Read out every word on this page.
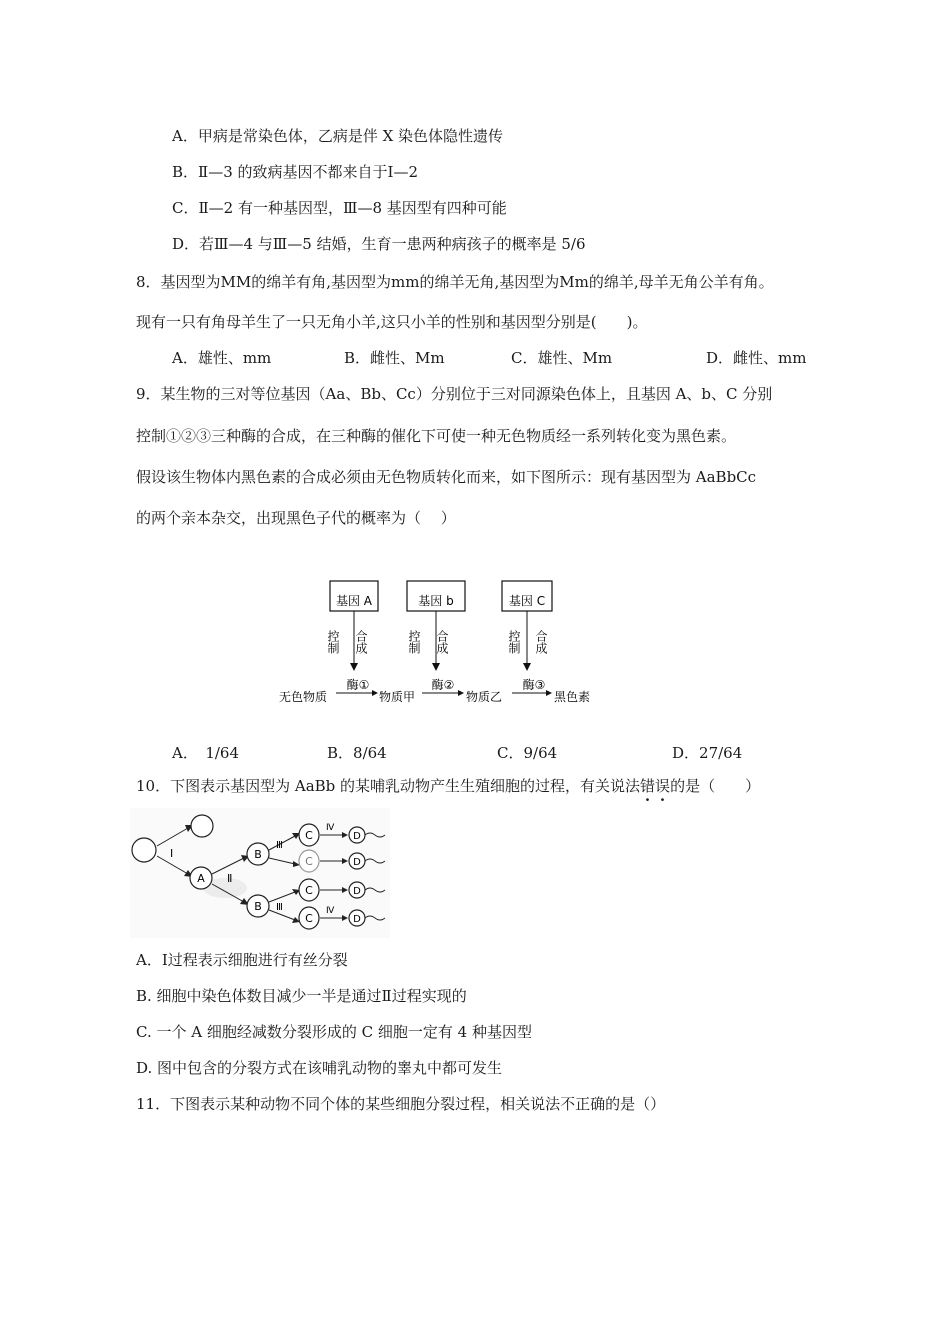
A．甲病是常染色体，乙病是伴 X 染色体隐性遗传
B．Ⅱ—3 的致病基因不都来自于Ⅰ—2
C．Ⅱ—2 有一种基因型，Ⅲ—8 基因型有四种可能
D．若Ⅲ—4 与Ⅲ—5 结婚，生育一患两种病孩子的概率是 5/6
8．基因型为MM的绵羊有角,基因型为mm的绵羊无角,基因型为Mm的绵羊,母羊无角公羊有角。
现有一只有角母羊生了一只无角小羊,这只小羊的性别和基因型分别是(　　)。
A．雄性、mm	B．雌性、Mm	C．雄性、Mm	D．雌性、mm
9．某生物的三对等位基因（Aa、Bb、Cc）分别位于三对同源染色体上，且基因 A、b、C 分别
控制①②③三种酶的合成，在三种酶的催化下可使一种无色物质经一系列转化变为黑色素。
假设该生物体内黑色素的合成必须由无色物质转化而来，如下图所示：现有基因型为 AaBbCc
的两个亲本杂交，出现黑色子代的概率为（　 ）
基因 A	基因 b	基因 C
控制 合成	控制 合成	控制 合成
酶①	酶②	酶③
无色物质	物质甲	物质乙	黑色素
A．　1/64	B．8/64	C．9/64	D．27/64
10．下图表示基因型为 AaBb 的某哺乳动物产生生殖细胞的过程，有关说法错误的是（　　）
Ⅰ
A Ⅱ
B
B
Ⅲ
Ⅲ
C
C
C
C
Ⅳ
Ⅳ
D
D
D
D
A．Ⅰ过程表示细胞进行有丝分裂
B. 细胞中染色体数目减少一半是通过Ⅱ过程实现的
C. 一个 A 细胞经减数分裂形成的 C 细胞一定有 4 种基因型
D. 图中包含的分裂方式在该哺乳动物的睾丸中都可发生
11．下图表示某种动物不同个体的某些细胞分裂过程，相关说法不正确的是（）
